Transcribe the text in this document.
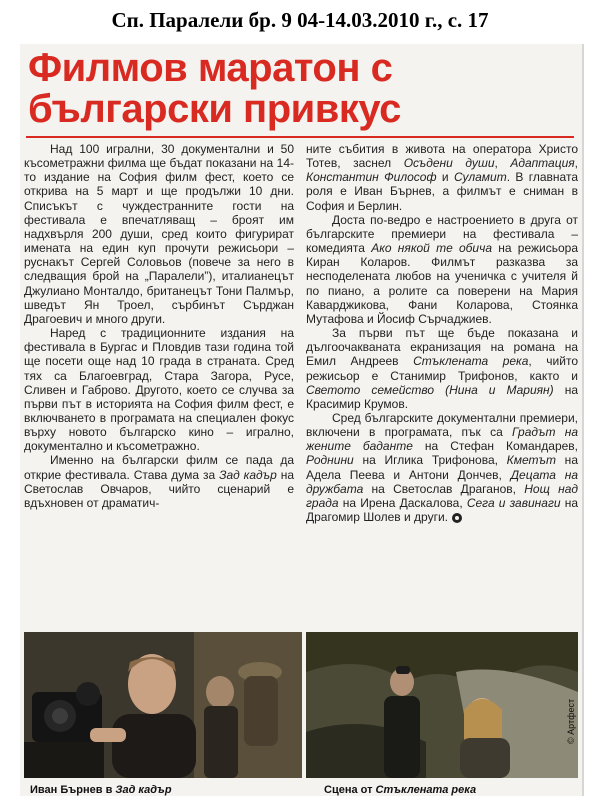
Сп. Паралели бр. 9 04-14.03.2010 г., с. 17
Филмов маратон с
български привкус

Над 100 игрални, 30 документални и 50 късометражни филма ще бъдат показани на 14-то издание на София филм фест, което се открива на 5 март и ще продължи 10 дни. Списъкът с чуждестранните гости на фестивала е впечатляващ – броят им надхвърля 200 души, сред които фигурират имената на един куп прочути режисьори – руснакът Сергей Соловьов (повече за него в следващия брой на „Паралели”), италианецът Джулиано Монталдо, британецът Тони Палмър, шведът Ян Троел, сърбинът Сърджан Драгоевич и много други.

Наред с традиционните издания на фестивала в Бургас и Пловдив тази година той ще посети още над 10 града в страната. Сред тях са Благоевград, Стара Загора, Русе, Сливен и Габрово. Другото, което се случва за първи път в историята на София филм фест, е включването в програмата на специален фокус върху новото българско кино – игрално, документално и късометражно.

Именно на български филм се пада да открие фестивала. Става дума за Зад кадър на Светослав Овчаров, чийто сценарий е вдъхновен от драматич-

ните събития в живота на оператора Христо Тотев, заснел Осъдени души, Адаптация, Константин Философ и Суламит. В главната роля е Иван Бърнев, а филмът е сниман в София и Берлин.

Доста по-ведро е настроението в друга от българските премиери на фестивала – комедията Ако някой те обича на режисьора Киран Коларов. Филмът разказва за несподелената любов на ученичка с учителя й по пиано, а ролите са поверени на Мария Каварджикова, Фани Коларова, Стоянка Мутафова и Йосиф Сърчаджиев.

За първи път ще бъде показана и дългоочакваната екранизация на романа на Емил Андреев Стъклената река, чийто режисьор е Станимир Трифонов, както и Светото семейство (Нина и Мариян) на Красимир Крумов.

Сред българските документални премиери, включени в програмата, пък са Градът на жените баданте на Стефан Командарев, Роднини на Иглика Трифонова, Кметът на Адела Пеева и Антони Дончев, Децата на дружбата на Светослав Драганов, Нощ над града на Ирена Даскалова, Сега и завинаги на Драгомир Шолев и други.

Иван Бърнев в Зад кадър	Сцена от Стъклената река
© Артфест
